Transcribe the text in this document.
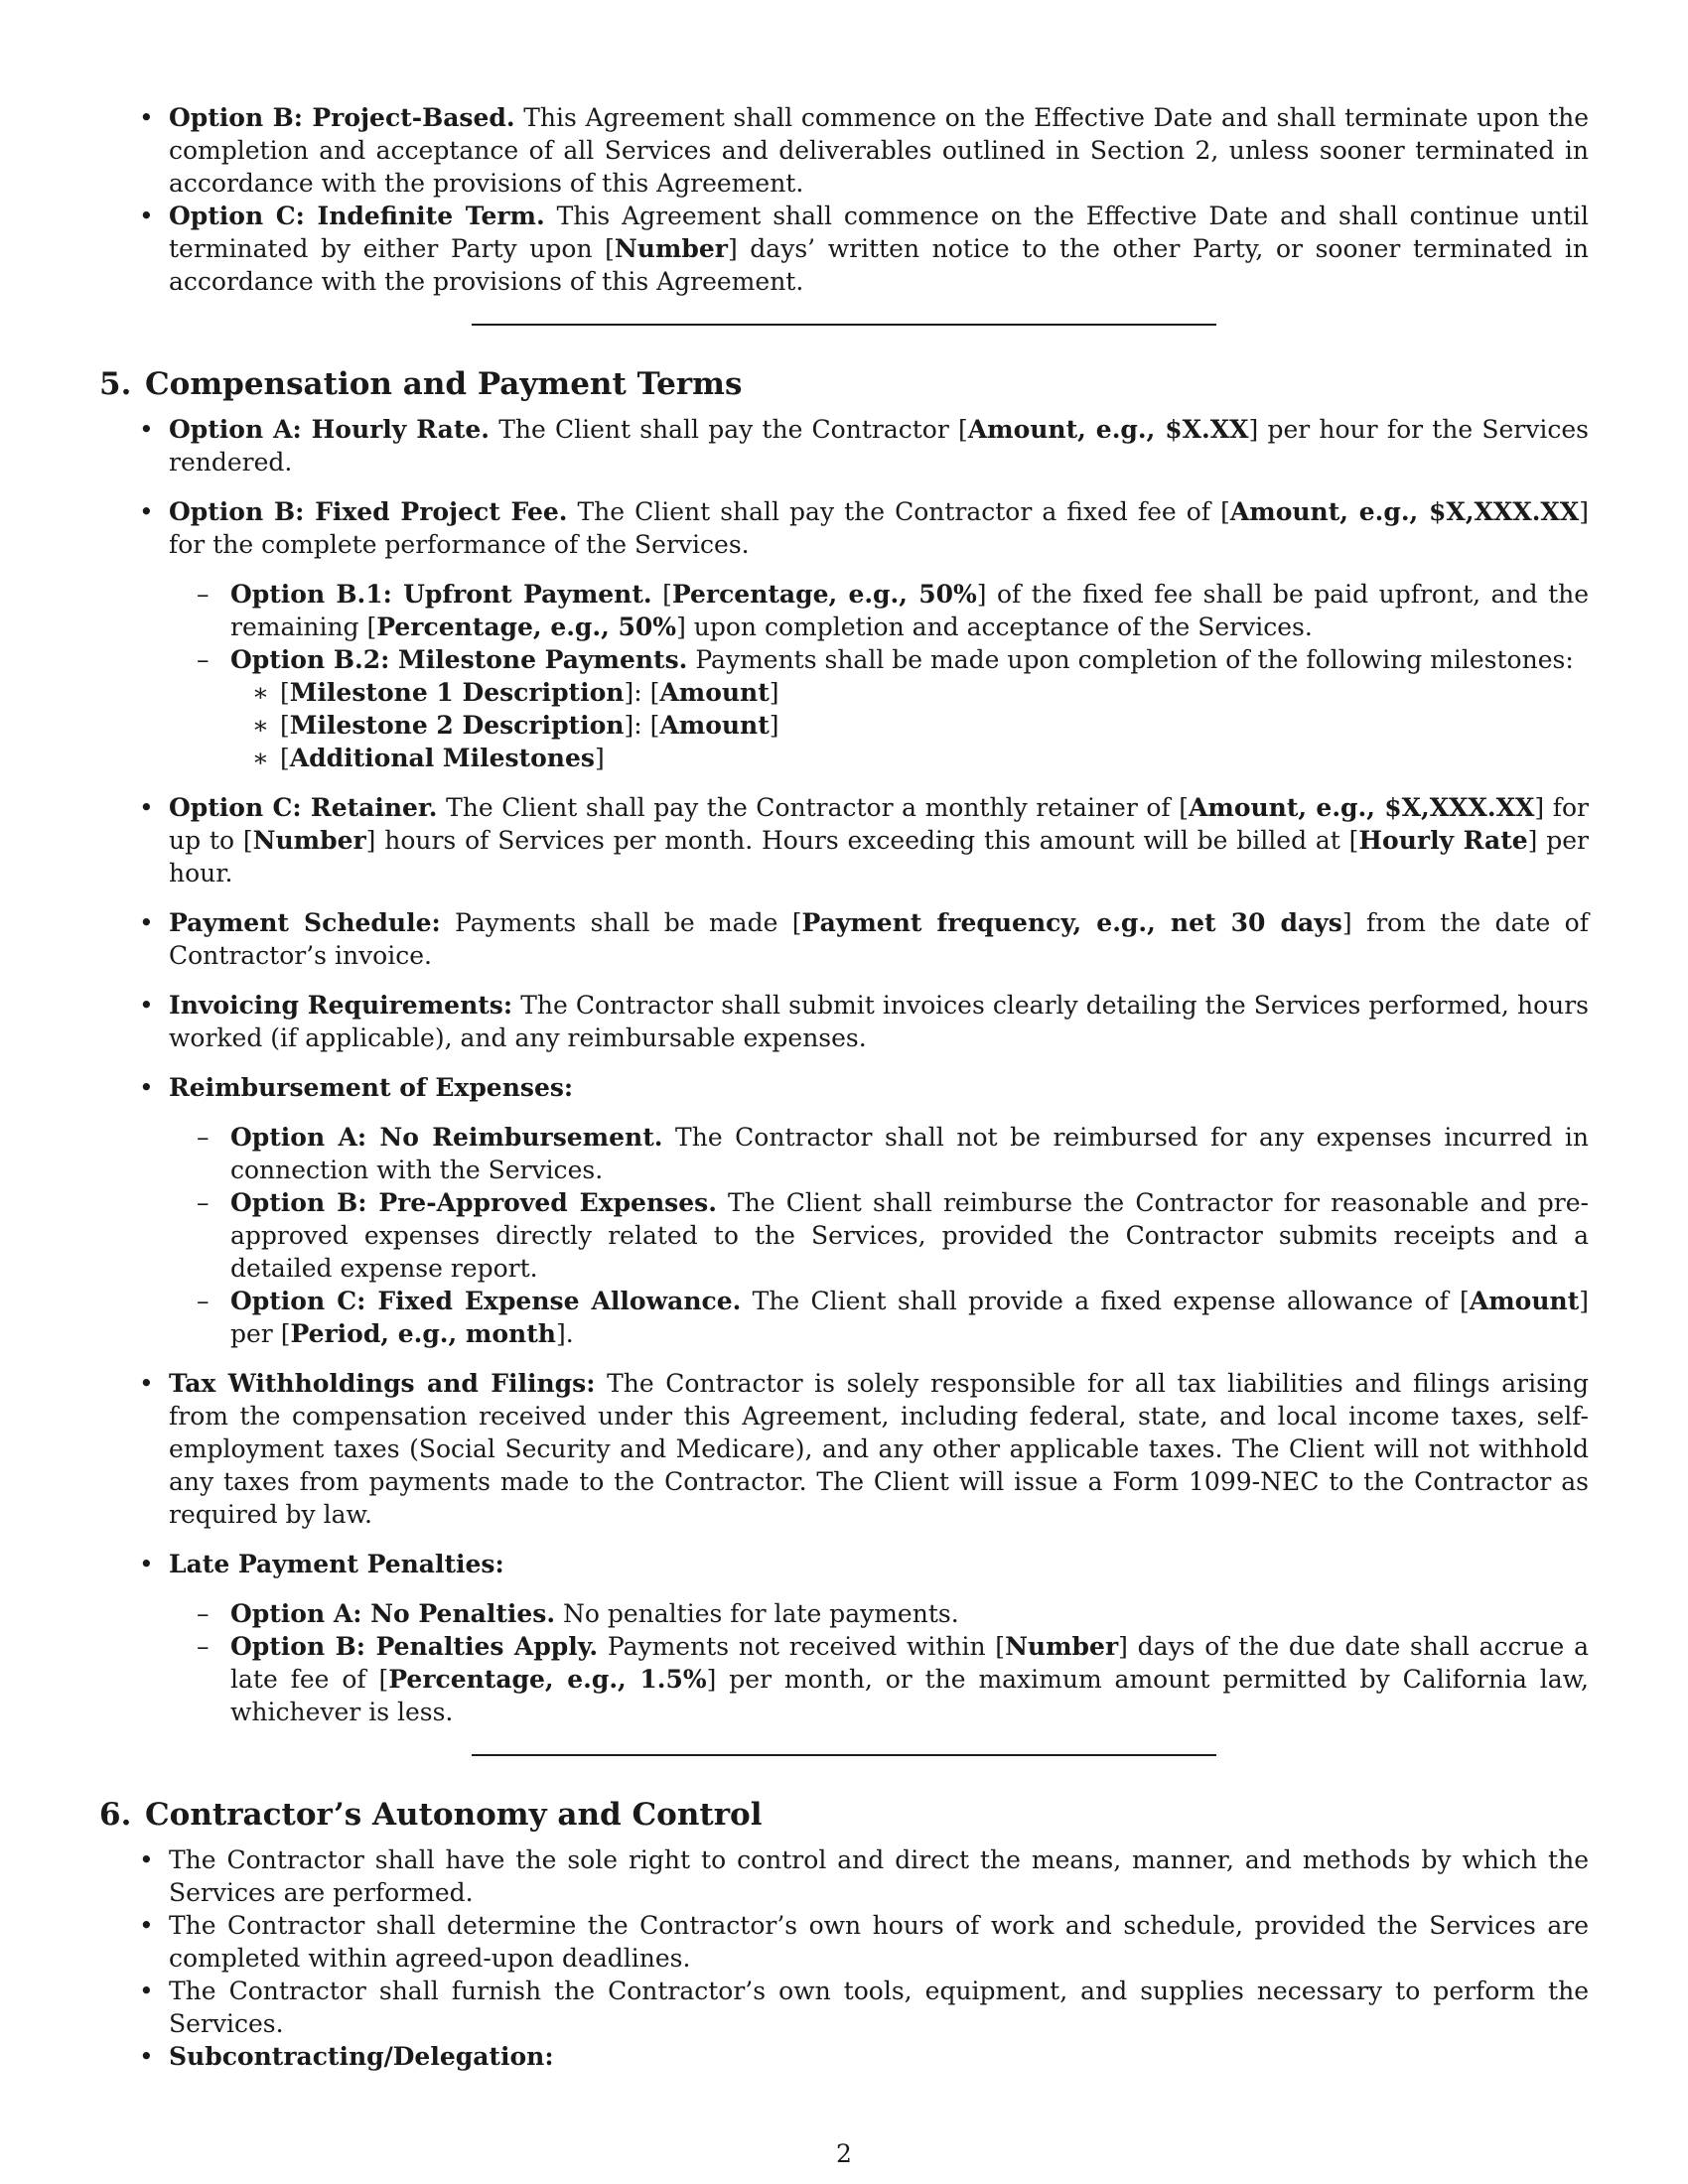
• Option B: Project-Based. This Agreement shall commence on the Effective Date and shall terminate upon the completion and acceptance of all Services and deliverables outlined in Section 2, unless sooner terminated in accordance with the provisions of this Agreement.
• Option C: Indefinite Term. This Agreement shall commence on the Effective Date and shall continue until terminated by either Party upon [Number] days’ written notice to the other Party, or sooner terminated in accordance with the provisions of this Agreement.
5. Compensation and Payment Terms
• Option A: Hourly Rate. The Client shall pay the Contractor [Amount, e.g., $X.XX] per hour for the Services rendered.
• Option B: Fixed Project Fee. The Client shall pay the Contractor a fixed fee of [Amount, e.g., $X,XXX.XX] for the complete performance of the Services.
– Option B.1: Upfront Payment. [Percentage, e.g., 50%] of the fixed fee shall be paid upfront, and the remaining [Percentage, e.g., 50%] upon completion and acceptance of the Services.
– Option B.2: Milestone Payments. Payments shall be made upon completion of the following milestones:
∗ [Milestone 1 Description]: [Amount]
∗ [Milestone 2 Description]: [Amount]
∗ [Additional Milestones]
• Option C: Retainer. The Client shall pay the Contractor a monthly retainer of [Amount, e.g., $X,XXX.XX] for up to [Number] hours of Services per month. Hours exceeding this amount will be billed at [Hourly Rate] per hour.
• Payment Schedule: Payments shall be made [Payment frequency, e.g., net 30 days] from the date of Contractor’s invoice.
• Invoicing Requirements: The Contractor shall submit invoices clearly detailing the Services performed, hours worked (if applicable), and any reimbursable expenses.
• Reimbursement of Expenses:
– Option A: No Reimbursement. The Contractor shall not be reimbursed for any expenses incurred in connection with the Services.
– Option B: Pre-Approved Expenses. The Client shall reimburse the Contractor for reasonable and pre-approved expenses directly related to the Services, provided the Contractor submits receipts and a detailed expense report.
– Option C: Fixed Expense Allowance. The Client shall provide a fixed expense allowance of [Amount] per [Period, e.g., month].
• Tax Withholdings and Filings: The Contractor is solely responsible for all tax liabilities and filings arising from the compensation received under this Agreement, including federal, state, and local income taxes, self-employment taxes (Social Security and Medicare), and any other applicable taxes. The Client will not withhold any taxes from payments made to the Contractor. The Client will issue a Form 1099-NEC to the Contractor as required by law.
• Late Payment Penalties:
– Option A: No Penalties. No penalties for late payments.
– Option B: Penalties Apply. Payments not received within [Number] days of the due date shall accrue a late fee of [Percentage, e.g., 1.5%] per month, or the maximum amount permitted by California law, whichever is less.
6. Contractor’s Autonomy and Control
• The Contractor shall have the sole right to control and direct the means, manner, and methods by which the Services are performed.
• The Contractor shall determine the Contractor’s own hours of work and schedule, provided the Services are completed within agreed-upon deadlines.
• The Contractor shall furnish the Contractor’s own tools, equipment, and supplies necessary to perform the Services.
• Subcontracting/Delegation:
2
